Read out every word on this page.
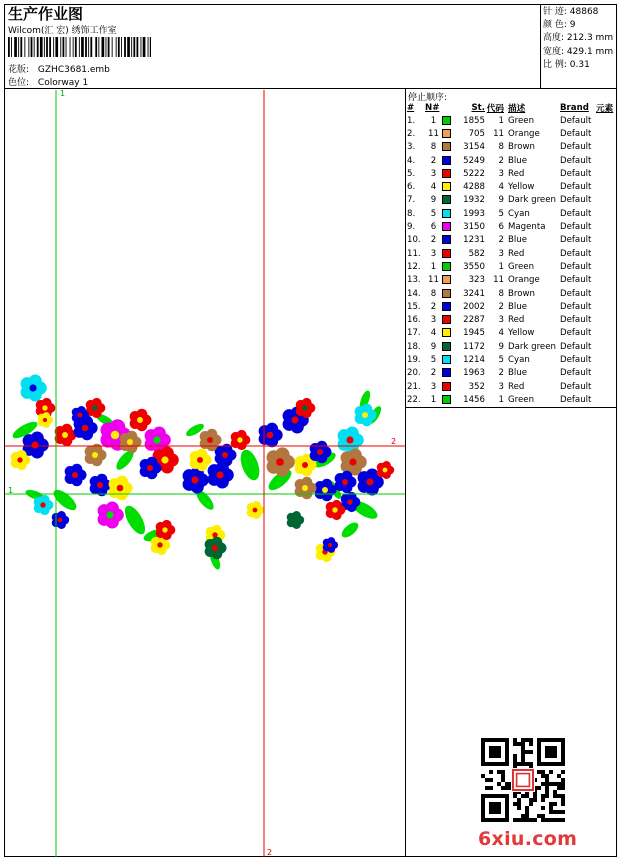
生产作业图
Wilcom(汇 宏) 绣饰工作室
花版: GZHC3681.emb
色位: Colorway 1
针 迹: 48868
颜 色: 9
高度: 212.3 mm
宽度: 429.1 mm
比 例: 0.31
停止顺序:
#	N#		St.	代码	描述	Brand	元素
1.	1		1855	1	Green	Default	
2.	11		705	11	Orange	Default	
3.	8		3154	8	Brown	Default	
4.	2		5249	2	Blue	Default	
5.	3		5222	3	Red	Default	
6.	4		4288	4	Yellow	Default	
7.	9		1932	9	Dark green	Default	
8.	5		1993	5	Cyan	Default	
9.	6		3150	6	Magenta	Default	
10.	2		1231	2	Blue	Default	
11.	3		582	3	Red	Default	
12.	1		3550	1	Green	Default	
13.	11		323	11	Orange	Default	
14.	8		3241	8	Brown	Default	
15.	2		2002	2	Blue	Default	
16.	3		2287	3	Red	Default	
17.	4		1945	4	Yellow	Default	
18.	9		1172	9	Dark green	Default	
19.	5		1214	5	Cyan	Default	
20.	2		1963	2	Blue	Default	
21.	3		352	3	Red	Default	
22.	1		1456	1	Green	Default	
1
1
2
2
6xiu.com
